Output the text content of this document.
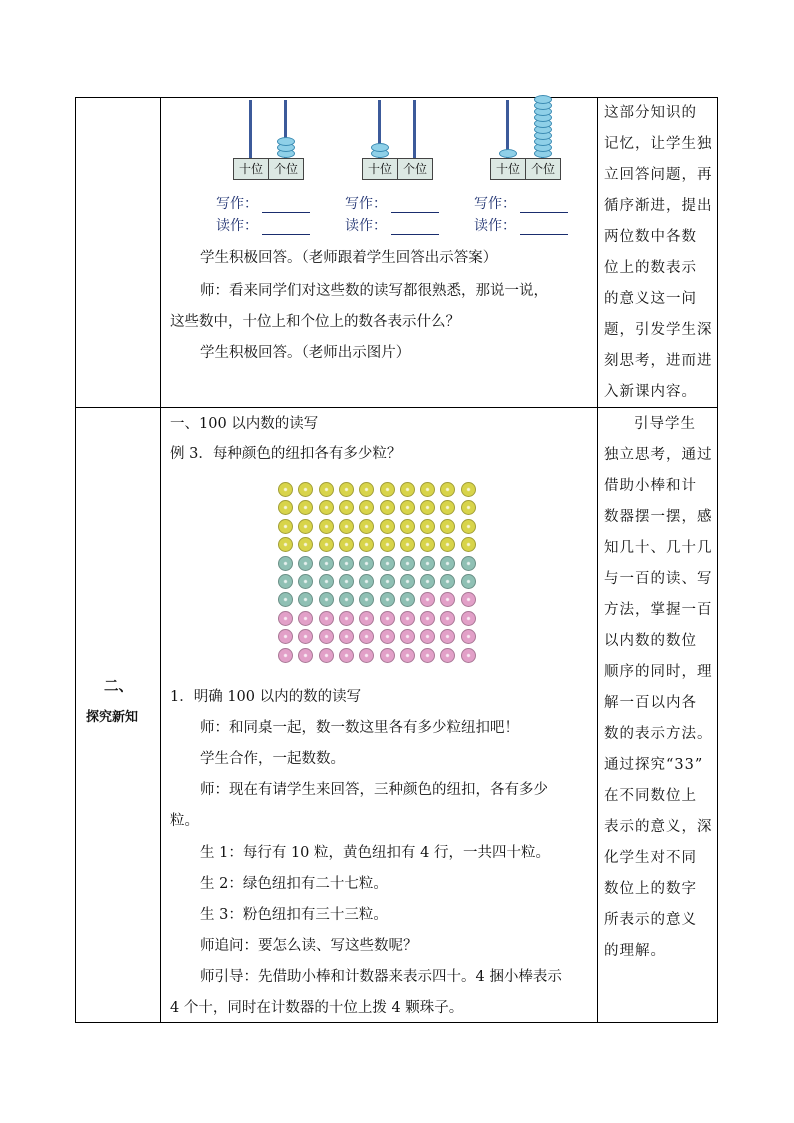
十位 个位	十位 个位	十位 个位
写作：
读作：
写作：
读作：
写作：
读作：
学生积极回答。（老师跟着学生回答出示答案）
师：看来同学们对这些数的读写都很熟悉，那说一说，
这些数中，十位上和个位上的数各表示什么？
学生积极回答。（老师出示图片）
这部分知识的
记忆，让学生独
立回答问题，再
循序渐进，提出
两位数中各数
位上的数表示
的意义这一问
题，引发学生深
刻思考，进而进
入新课内容。
二、
探究新知
一、100 以内数的读写
例 3．每种颜色的纽扣各有多少粒？
1．明确 100 以内的数的读写
师：和同桌一起，数一数这里各有多少粒纽扣吧！
学生合作，一起数数。
师：现在有请学生来回答，三种颜色的纽扣，各有多少
粒。
生 1：每行有 10 粒，黄色纽扣有 4 行，一共四十粒。
生 2：绿色纽扣有二十七粒。
生 3：粉色纽扣有三十三粒。
师追问：要怎么读、写这些数呢？
师引导：先借助小棒和计数器来表示四十。4 捆小棒表示
4 个十，同时在计数器的十位上拨 4 颗珠子。
引导学生
独立思考，通过
借助小棒和计
数器摆一摆，感
知几十、几十几
与一百的读、写
方法，掌握一百
以内数的数位
顺序的同时，理
解一百以内各
数的表示方法。
通过探究“33”
在不同数位上
表示的意义，深
化学生对不同
数位上的数字
所表示的意义
的理解。
